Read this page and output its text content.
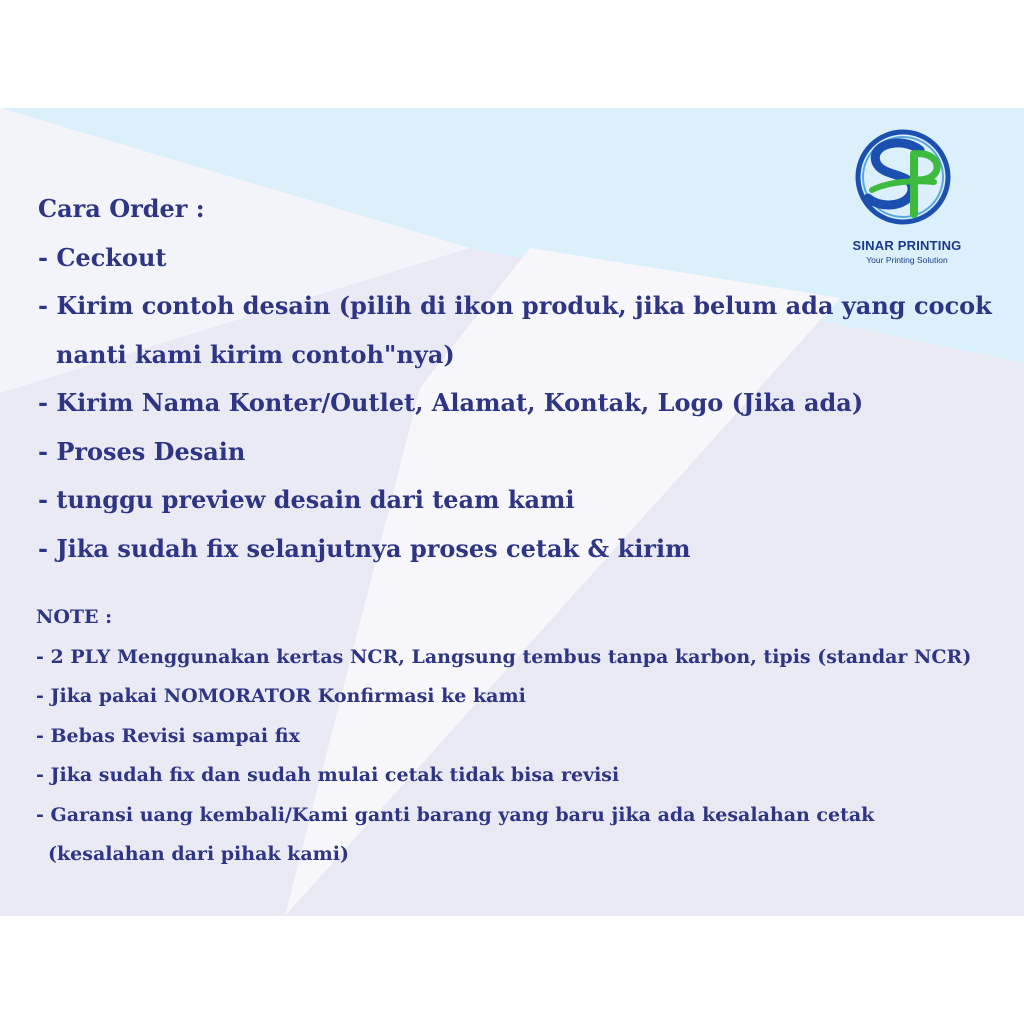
SINAR PRINTING
Your Printing Solution
Cara Order :
- Ceckout
- Kirim contoh desain (pilih di ikon produk, jika belum ada yang cocok
nanti kami kirim contoh"nya)
- Kirim Nama Konter/Outlet, Alamat, Kontak, Logo (Jika ada)
- Proses Desain
- tunggu preview desain dari team kami
- Jika sudah fix selanjutnya proses cetak & kirim
NOTE :
- 2 PLY Menggunakan kertas NCR, Langsung tembus tanpa karbon, tipis (standar NCR)
- Jika pakai NOMORATOR Konfirmasi ke kami
- Bebas Revisi sampai fix
- Jika sudah fix dan sudah mulai cetak tidak bisa revisi
- Garansi uang kembali/Kami ganti barang yang baru jika ada kesalahan cetak
(kesalahan dari pihak kami)
